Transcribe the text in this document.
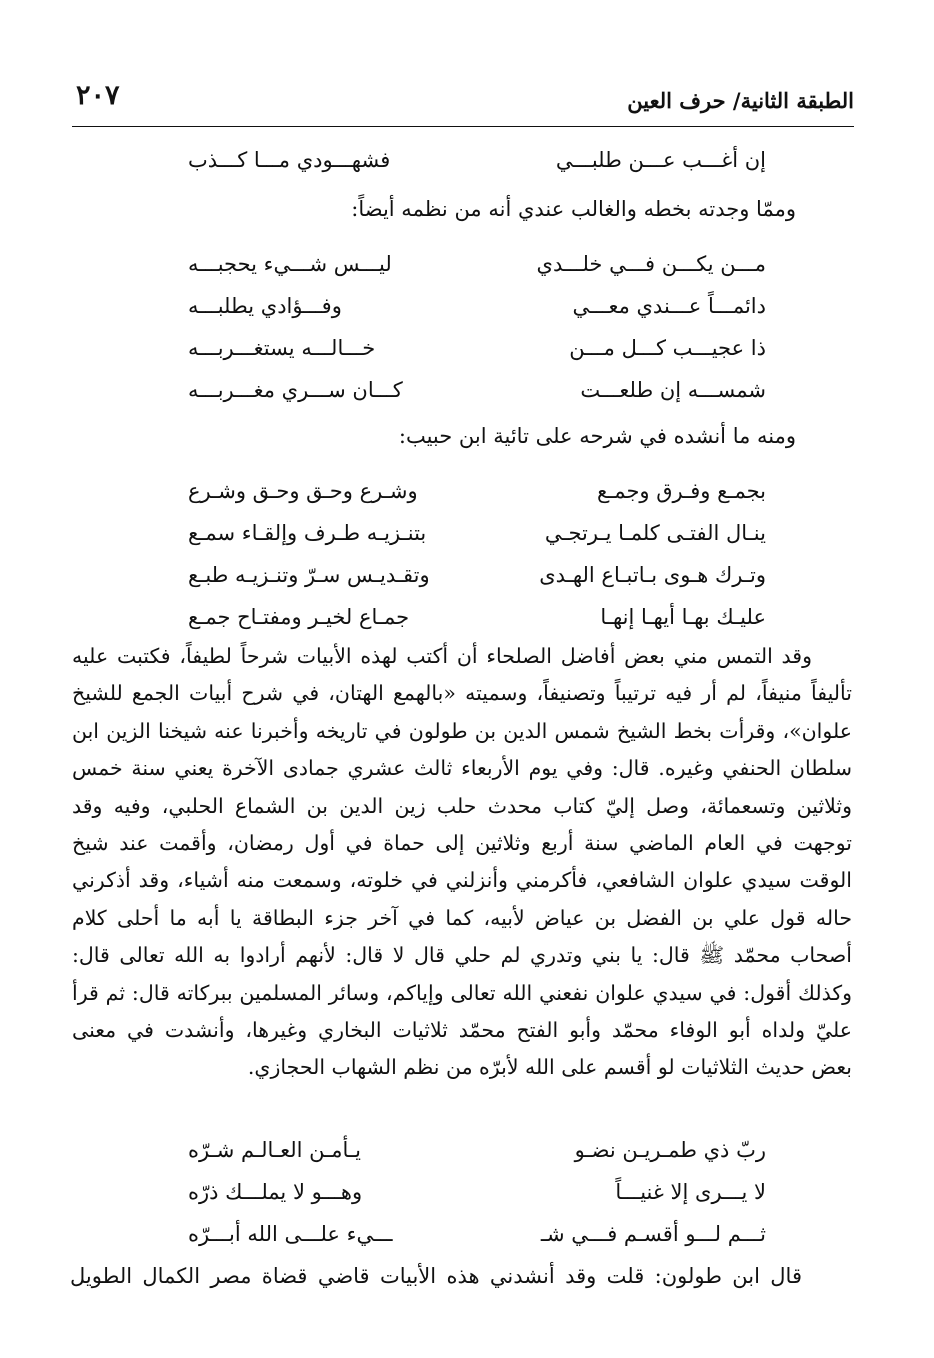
الطبقة الثانية/ حرف العين
٢٠٧
إن أغـــب عـــن طلبـــي
فشهـــودي مـــا كـــذب
وممّا وجدته بخطه والغالب عندي أنه من نظمه أيضاً:
مـــن يكـــن فـــي خلـــدي
ليـــس شـــيء يحجبـــه
دائمـــاً عـــندي معـــي
وفـــؤادي يطلبـــه
ذا عجيـــب كـــل مـــن
خـــالـــه يستغـــربـــه
شمســـه إن طلعـــت
كـــان ســـري مغـــربـــه
ومنه ما أنشده في شرحه على تائية ابن حبيب:
بجمـع وفـرق وجمـع
وشـرع وحـق وحـق وشـرع
ينـال الفتـى كلمـا يـرتجـي
بتنـزيـه طـرف وإلقـاء سمـع
وتـرك هـوى بـاتبـاع الهـدى
وتقـديـس سـرّ وتنـزيـه طبـع
عليـك بهـا أيهـا إنهـا
جمـاع لخيـر ومفتـاح جمـع
وقد التمس مني بعض أفاضل الصلحاء أن أكتب لهذه الأبيات شرحاً لطيفاً، فكتبت عليه
تأليفاً منيفاً، لم أر فيه ترتيباً وتصنيفاً، وسميته «بالهمع الهتان، في شرح أبيات الجمع للشيخ
علوان»، وقرأت بخط الشيخ شمس الدين بن طولون في تاريخه وأخبرنا عنه شيخنا الزين ابن
سلطان الحنفي وغيره. قال: وفي يوم الأربعاء ثالث عشري جمادى الآخرة يعني سنة خمس
وثلاثين وتسعمائة، وصل إليّ كتاب محدث حلب زين الدين بن الشماع الحلبي، وفيه وقد
توجهت في العام الماضي سنة أربع وثلاثين إلى حماة في أول رمضان، وأقمت عند شيخ
الوقت سيدي علوان الشافعي، فأكرمني وأنزلني في خلوته، وسمعت منه أشياء، وقد أذكرني
حاله قول علي بن الفضل بن عياض لأبيه، كما في آخر جزء البطاقة يا أبه ما أحلى كلام
أصحاب محمّد ﷺ قال: يا بني وتدري لم حلي قال لا قال: لأنهم أرادوا به الله تعالى قال:
وكذلك أقول: في سيدي علوان نفعني الله تعالى وإياكم، وسائر المسلمين ببركاته قال: ثم قرأ
عليّ ولداه أبو الوفاء محمّد وأبو الفتح محمّد ثلاثيات البخاري وغيرها، وأنشدت في معنى
بعض حديث الثلاثيات لو أقسم على الله لأبرّه من نظم الشهاب الحجازي.
ربّ ذي طمـريـن نضـو
يـأمـن العـالـم شـرّه
لا يـــرى إلا غنيـــاً
وهـــو لا يملـــك ذرّه
ثـــم لـــو أقسـم فـــي شـ
ـــيء علـــى الله أبـــرّه
قال ابن طولون: قلت وقد أنشدني هذه الأبيات قاضي قضاة مصر الكمال الطويل
